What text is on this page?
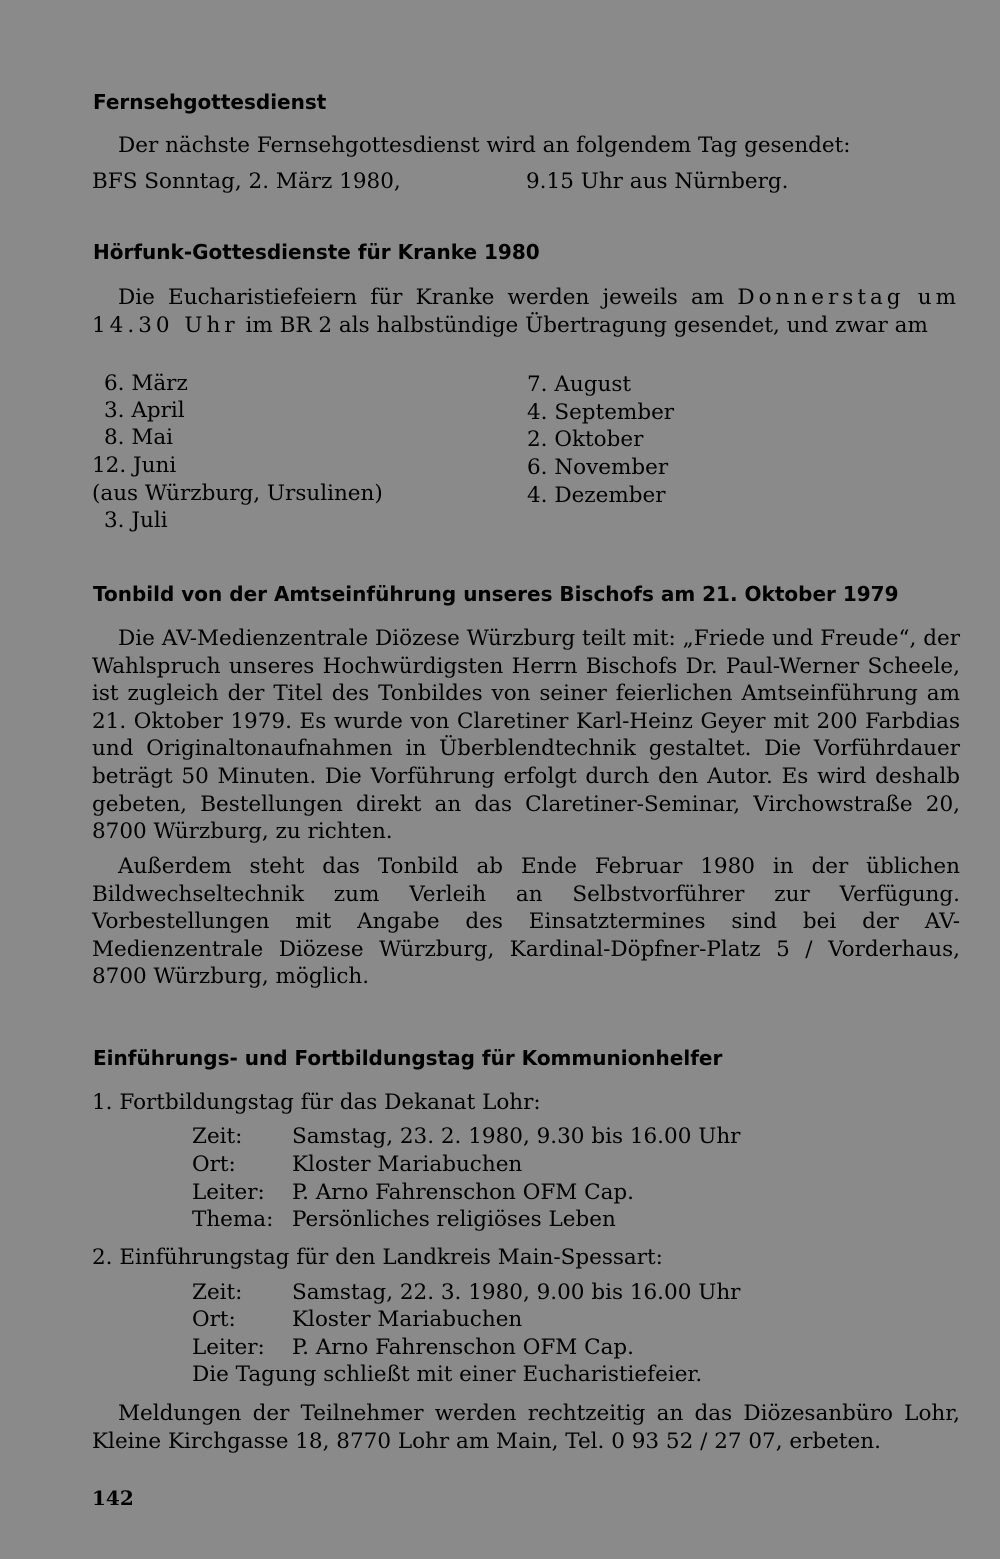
Fernsehgottesdienst
Der nächste Fernsehgottesdienst wird an folgendem Tag gesendet:
BFS Sonntag, 2. März 1980,	9.15 Uhr aus Nürnberg.
Hörfunk-Gottesdienste für Kranke 1980
Die Eucharistiefeiern für Kranke werden jeweils am Donnerstag um 14.30 Uhr im BR 2 als halbstündige Übertragung gesendet, und zwar am
6. März
3. April
8. Mai
12. Juni
(aus Würzburg, Ursulinen)
3. Juli
7. August
4. September
2. Oktober
6. November
4. Dezember
Tonbild von der Amtseinführung unseres Bischofs am 21. Oktober 1979
Die AV-Medienzentrale Diözese Würzburg teilt mit: „Friede und Freude“, der Wahlspruch unseres Hochwürdigsten Herrn Bischofs Dr. Paul-Werner Scheele, ist zugleich der Titel des Tonbildes von seiner feierlichen Amtseinführung am 21. Oktober 1979. Es wurde von Claretiner Karl-Heinz Geyer mit 200 Farbdias und Originaltonaufnahmen in Überblendtechnik gestaltet. Die Vorführdauer beträgt 50 Minuten. Die Vorführung erfolgt durch den Autor. Es wird deshalb gebeten, Bestellungen direkt an das Claretiner-Seminar, Virchowstraße 20, 8700 Würzburg, zu richten.
Außerdem steht das Tonbild ab Ende Februar 1980 in der üblichen Bildwechseltechnik zum Verleih an Selbstvorführer zur Verfügung. Vorbestellungen mit Angabe des Einsatztermines sind bei der AV-Medienzentrale Diözese Würzburg, Kardinal-Döpfner-Platz 5 / Vorderhaus, 8700 Würzburg, möglich.
Einführungs- und Fortbildungstag für Kommunionhelfer
1. Fortbildungstag für das Dekanat Lohr:
Zeit: Samstag, 23. 2. 1980, 9.30 bis 16.00 Uhr
Ort:	Kloster Mariabuchen
Leiter: P. Arno Fahrenschon OFM Cap.
Thema: Persönliches religiöses Leben
2. Einführungstag für den Landkreis Main-Spessart:
Zeit: Samstag, 22. 3. 1980, 9.00 bis 16.00 Uhr
Ort:	Kloster Mariabuchen
Leiter: P. Arno Fahrenschon OFM Cap.
Die Tagung schließt mit einer Eucharistiefeier.
Meldungen der Teilnehmer werden rechtzeitig an das Diözesanbüro Lohr, Kleine Kirchgasse 18, 8770 Lohr am Main, Tel. 0 93 52 / 27 07, erbeten.
142
